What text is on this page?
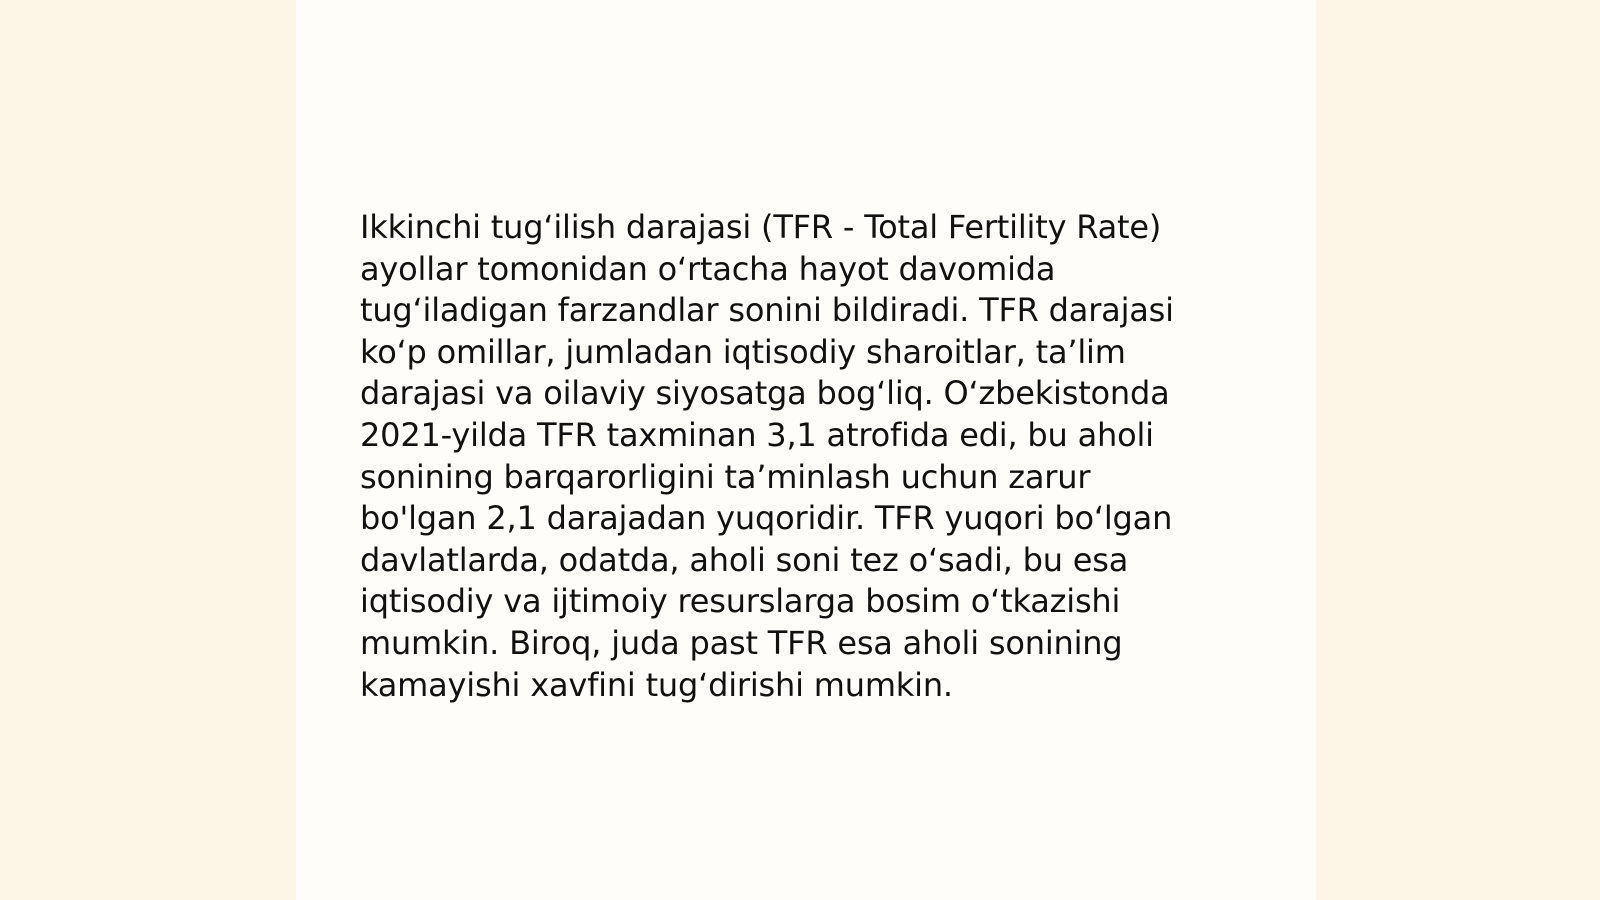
Ikkinchi tug‘ilish darajasi (TFR - Total Fertility Rate)
ayollar tomonidan o‘rtacha hayot davomida
tug‘iladigan farzandlar sonini bildiradi. TFR darajasi
ko‘p omillar, jumladan iqtisodiy sharoitlar, ta’lim
darajasi va oilaviy siyosatga bog‘liq. O‘zbekistonda
2021-yilda TFR taxminan 3,1 atrofida edi, bu aholi
sonining barqarorligini ta’minlash uchun zarur
bo'lgan 2,1 darajadan yuqoridir. TFR yuqori bo‘lgan
davlatlarda, odatda, aholi soni tez o‘sadi, bu esa
iqtisodiy va ijtimoiy resurslarga bosim o‘tkazishi
mumkin. Biroq, juda past TFR esa aholi sonining
kamayishi xavfini tug‘dirishi mumkin.
